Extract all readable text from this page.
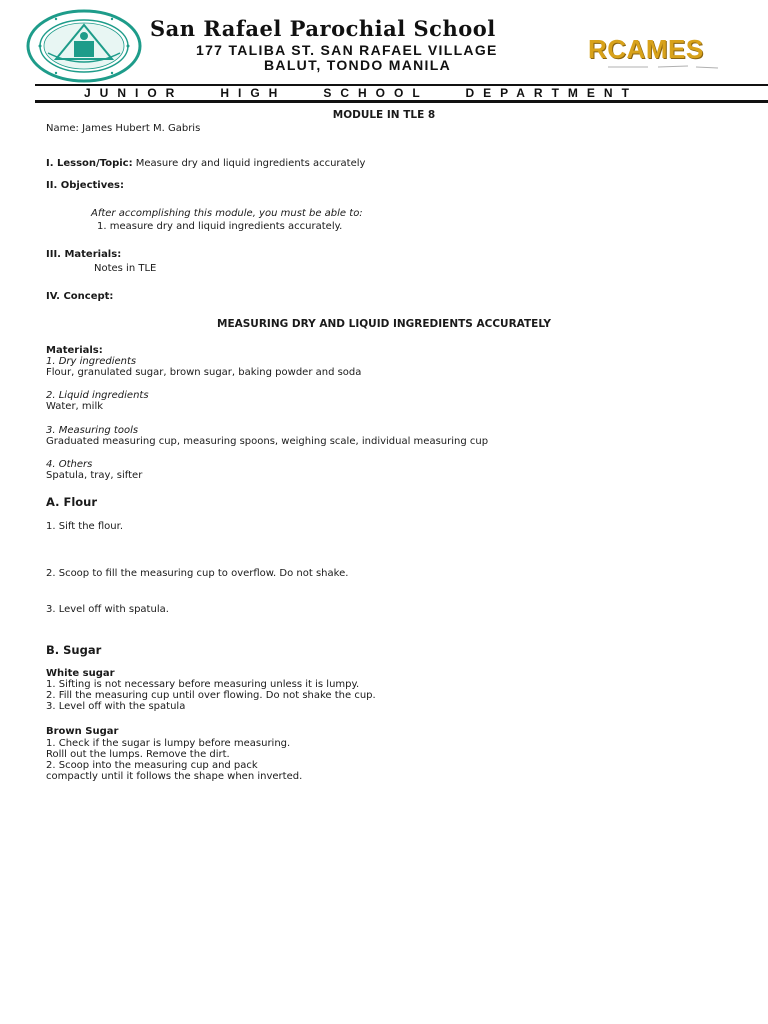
San Rafael Parochial School
177 TALIBA ST. SAN RAFAEL VILLAGE
BALUT, TONDO MANILA
RCAMES
JUNIOR   HIGH   SCHOOL   DEPARTMENT
MODULE IN TLE 8
Name: James Hubert M. Gabris
I. Lesson/Topic: Measure dry and liquid ingredients accurately
II. Objectives:
After accomplishing this module, you must be able to:
1. measure dry and liquid ingredients accurately.
III. Materials:
Notes in TLE
IV. Concept:
MEASURING DRY AND LIQUID INGREDIENTS ACCURATELY
Materials:
1. Dry ingredients
Flour, granulated sugar, brown sugar, baking powder and soda
2. Liquid ingredients
Water, milk
3. Measuring tools
Graduated measuring cup, measuring spoons, weighing scale, individual measuring cup
4. Others
Spatula, tray, sifter
A. Flour
1. Sift the flour.
2. Scoop to fill the measuring cup to overflow. Do not shake.
3. Level off with spatula.
B. Sugar
White sugar
1. Sifting is not necessary before measuring unless it is lumpy.
2. Fill the measuring cup until over flowing. Do not shake the cup.
3. Level off with the spatula
Brown Sugar
1. Check if the sugar is lumpy before measuring.
Rolll out the lumps. Remove the dirt.
2. Scoop into the measuring cup and pack
compactly until it follows the shape when inverted.
